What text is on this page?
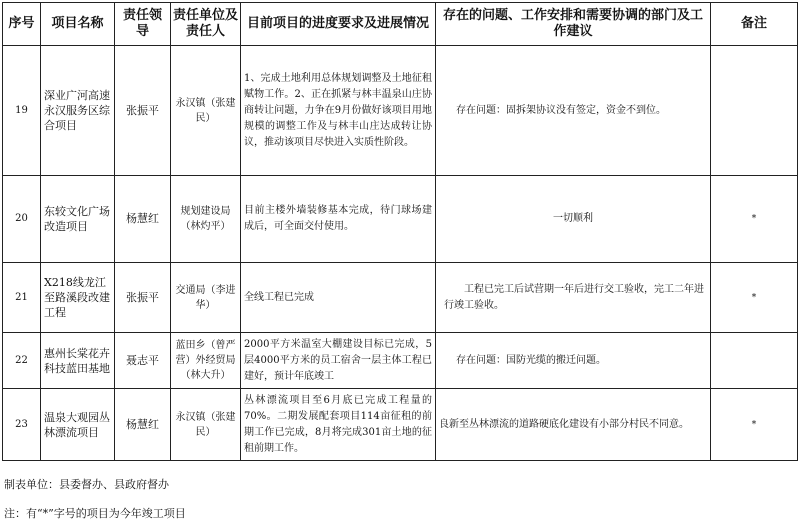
序号	项目名称	责任领导	责任单位及责任人	目前项目的进度要求及进展情况	存在的问题、工作安排和需要协调的部门及工作建议	备注
19	深业广河高速永汉服务区综合项目	张振平	永汉镇（张建民）	1、完成土地利用总体规划调整及土地征租赋物工作。2、正在抓紧与林丰温泉山庄协商转让问题，力争在9月份做好该项目用地规模的调整工作及与林丰山庄达成转让协议，推动该项目尽快进入实质性阶段。	存在问题：固拆架协议没有签定，资金不到位。	
20	东较文化广场改造项目	杨慧红	规划建设局（林灼平）	目前主楼外墙装修基本完成，待门球场建成后，可全面交付使用。	一切顺利	*
21	X218线龙江至路溪段改建工程	张振平	交通局（李进华）	全线工程已完成	工程已完工后试营期一年后进行交工验收，完工二年进行竣工验收。	*
22	惠州长棠花卉科技蓝田基地	聂志平	蓝田乡（曾严营）外经贸局（林大升）	2000平方米温室大棚建设目标已完成，5层4000平方米的员工宿舍一层主体工程已建好，预计年底竣工	存在问题：国防光缆的搬迁问题。	
23	温泉大观园丛林漂流项目	杨慧红	永汉镇（张建民）	丛林漂流项目至6月底已完成工程量的70%。二期发展配套项目114亩征租的前期工作已完成，8月将完成301亩土地的征租前期工作。	良新至丛林漂流的道路硬底化建设有小部分村民不同意。	*
制表单位：县委督办、县政府督办
注：有“*”字号的项目为今年竣工项目
